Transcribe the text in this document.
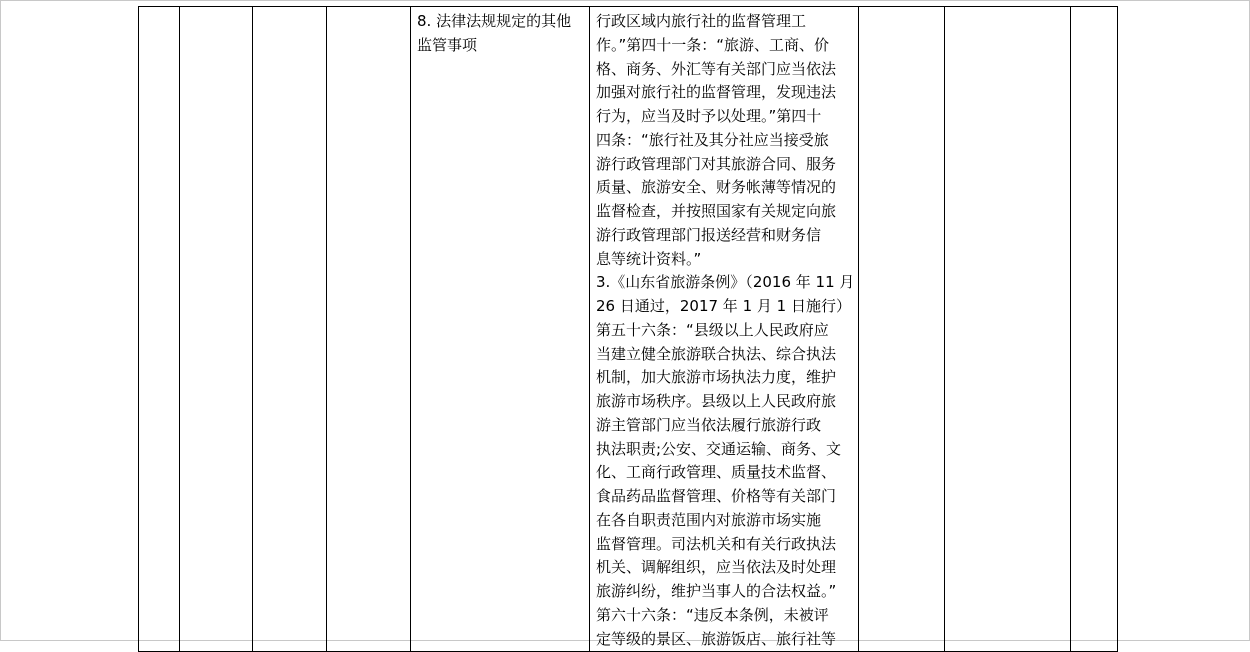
8. 法律法规规定的其他
监管事项

行政区域内旅行社的监督管理工
作。”第四十一条：“旅游、工商、价
格、商务、外汇等有关部门应当依法
加强对旅行社的监督管理，发现违法
行为，应当及时予以处理。”第四十
四条：“旅行社及其分社应当接受旅
游行政管理部门对其旅游合同、服务
质量、旅游安全、财务帐薄等情况的
监督检查，并按照国家有关规定向旅
游行政管理部门报送经营和财务信
息等统计资料。”
3.《山东省旅游条例》（2016 年 11 月
26 日通过，2017 年 1 月 1 日施行）
第五十六条：“县级以上人民政府应
当建立健全旅游联合执法、综合执法
机制，加大旅游市场执法力度，维护
旅游市场秩序。县级以上人民政府旅
游主管部门应当依法履行旅游行政
执法职责;公安、交通运输、商务、文
化、工商行政管理、质量技术监督、
食品药品监督管理、价格等有关部门
在各自职责范围内对旅游市场实施
监督管理。司法机关和有关行政执法
机关、调解组织，应当依法及时处理
旅游纠纷，维护当事人的合法权益。”
第六十六条：“违反本条例，未被评
定等级的景区、旅游饭店、旅行社等
